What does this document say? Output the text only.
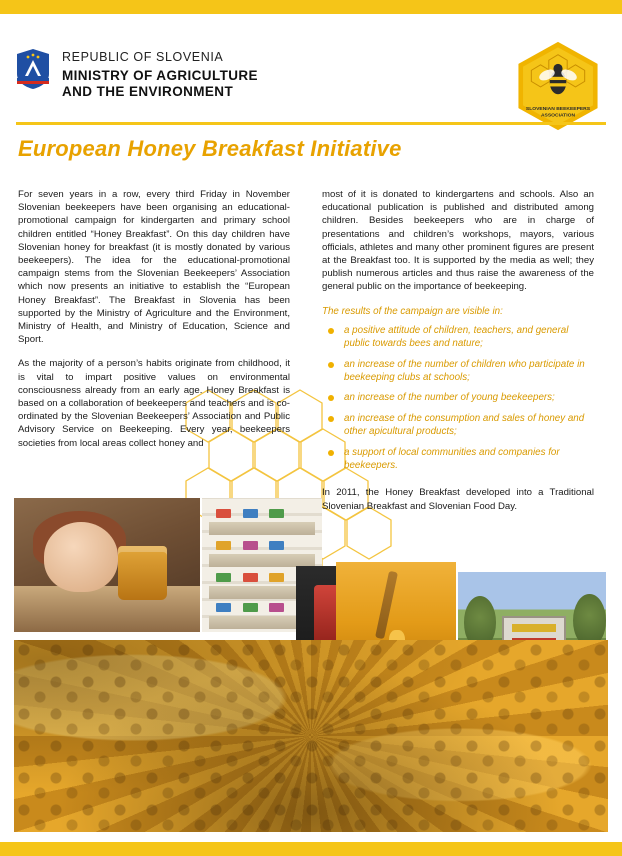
REPUBLIC OF SLOVENIA
MINISTRY OF AGRICULTURE
AND THE ENVIRONMENT
SLOVENIAN BEEKEEPERS
ASSOCIATION
European Honey Breakfast Initiative

For seven years in a row, every third Friday in November Slovenian beekeepers have been organising an educational-promotional campaign for kindergarten and primary school children entitled “Honey Breakfast”. On this day children have Slovenian honey for breakfast (it is mostly donated by various beekeepers). The idea for the educational-promotional campaign stems from the Slovenian Beekeepers’ Association which now presents an initiative to establish the “European Honey Breakfast”. The Breakfast in Slovenia has been supported by the Ministry of Agriculture and the Environment, Ministry of Health, and Ministry of Education, Science and Sport.

As the majority of a person’s habits originate from childhood, it is vital to impart positive values on environmental consciousness already from an early age. Honey Breakfast is based on a collaboration of beekeepers and teachers and is co-ordinated by the Slovenian Beekeepers’ Association and Public Advisory Service on Beekeeping. Every year, beekeepers societies from local areas collect honey and

most of it is donated to kindergartens and schools. Also an educational publication is published and distributed among children. Besides beekeepers who are in charge of presentations and children’s workshops, mayors, various officials, athletes and many other prominent figures are present at the Breakfast too. It is supported by the media as well; they publish numerous articles and thus raise the awareness of the general public on the importance of beekeeping.

The results of the campaign are visible in:
a positive attitude of children, teachers, and general public towards bees and nature;
an increase of the number of children who participate in beekeeping clubs at schools;
an increase of the number of young beekeepers;
an increase of the consumption and sales of honey and other apicultural products;
a support of local communities and companies for beekeepers.
In 2011, the Honey Breakfast developed into a Traditional Slovenian Breakfast and Slovenian Food Day.
